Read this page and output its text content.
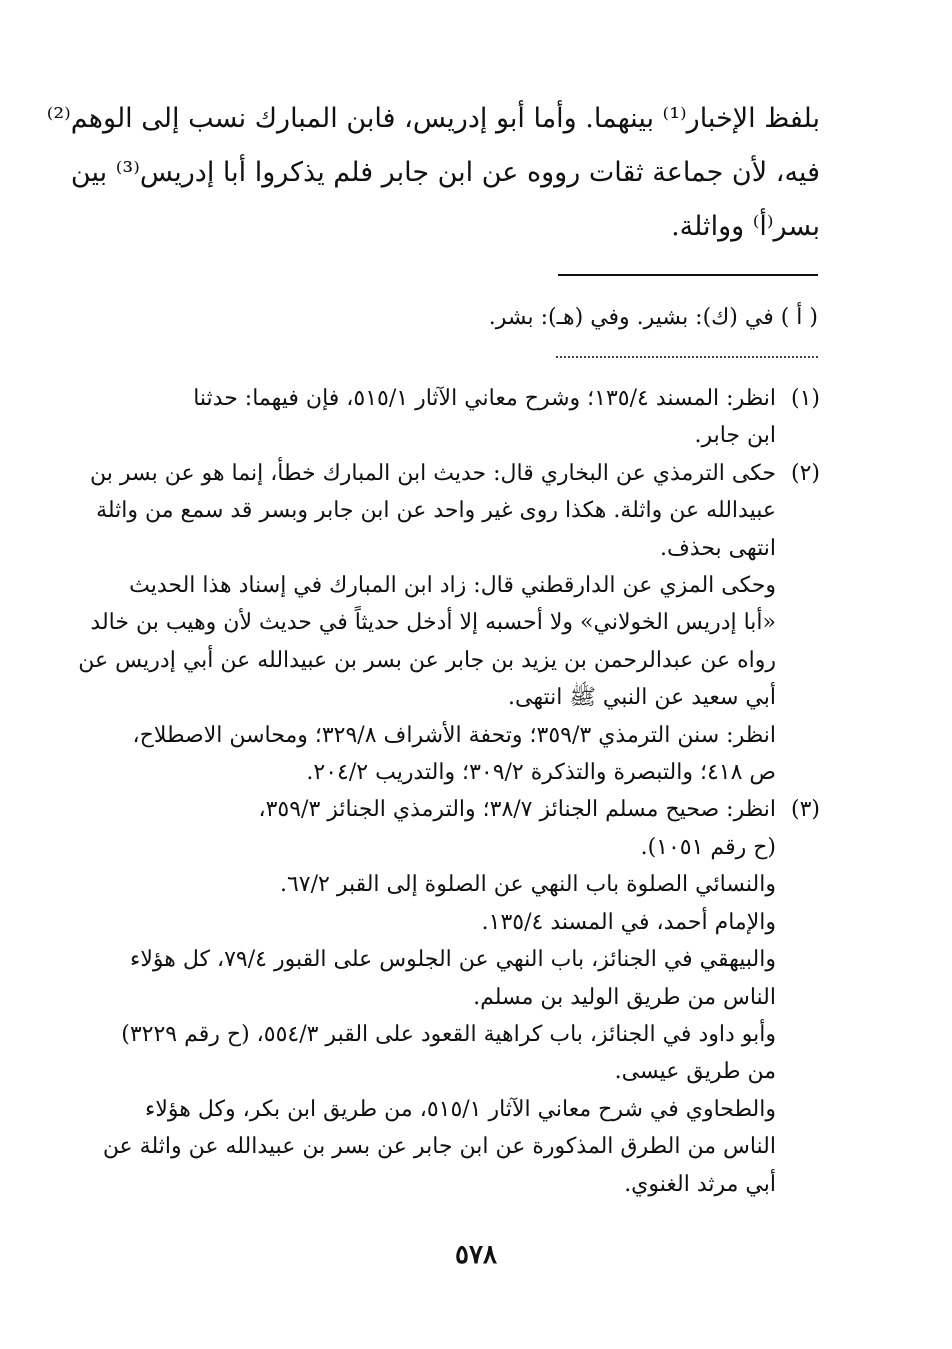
بلفظ الإخبار⁽¹⁾ بينهما. وأما أبو إدريس، فابن المبارك نسب إلى الوهم⁽²⁾
فيه، لأن جماعة ثقات رووه عن ابن جابر فلم يذكروا أبا إدريس⁽³⁾ بين
بسر⁽أ⁾ وواثلة.
( أ ) في (ك): بشير. وفي (هـ): بشر.
(١)
انظر: المسند ١٣٥/٤؛ وشرح معاني الآثار ٥١٥/١، فإن فيهما: حدثنا
ابن جابر.
(٢)
حكى الترمذي عن البخاري قال: حديث ابن المبارك خطأ، إنما هو عن بسر بن
عبيدالله عن واثلة. هكذا روى غير واحد عن ابن جابر وبسر قد سمع من واثلة
انتهى بحذف.
وحكى المزي عن الدارقطني قال: زاد ابن المبارك في إسناد هذا الحديث
«أبا إدريس الخولاني» ولا أحسبه إلا أدخل حديثاً في حديث لأن وهيب بن خالد
رواه عن عبدالرحمن بن يزيد بن جابر عن بسر بن عبيدالله عن أبي إدريس عن
أبي سعيد عن النبي ﷺ انتهى.
انظر: سنن الترمذي ٣٥٩/٣؛ وتحفة الأشراف ٣٢٩/٨؛ ومحاسن الاصطلاح،
ص ٤١٨؛ والتبصرة والتذكرة ٣٠٩/٢؛ والتدريب ٢٠٤/٢.
(٣)
انظر: صحيح مسلم الجنائز ٣٨/٧؛ والترمذي الجنائز ٣٥٩/٣،
(ح رقم ١٠٥١).
والنسائي الصلوة باب النهي عن الصلوة إلى القبر ٦٧/٢.
والإمام أحمد، في المسند ١٣٥/٤.
والبيهقي في الجنائز، باب النهي عن الجلوس على القبور ٧٩/٤، كل هؤلاء
الناس من طريق الوليد بن مسلم.
وأبو داود في الجنائز، باب كراهية القعود على القبر ٥٥٤/٣، (ح رقم ٣٢٢٩)
من طريق عيسى.
والطحاوي في شرح معاني الآثار ٥١٥/١، من طريق ابن بكر، وكل هؤلاء
الناس من الطرق المذكورة عن ابن جابر عن بسر بن عبيدالله عن واثلة عن
أبي مرثد الغنوي.
٥٧٨
